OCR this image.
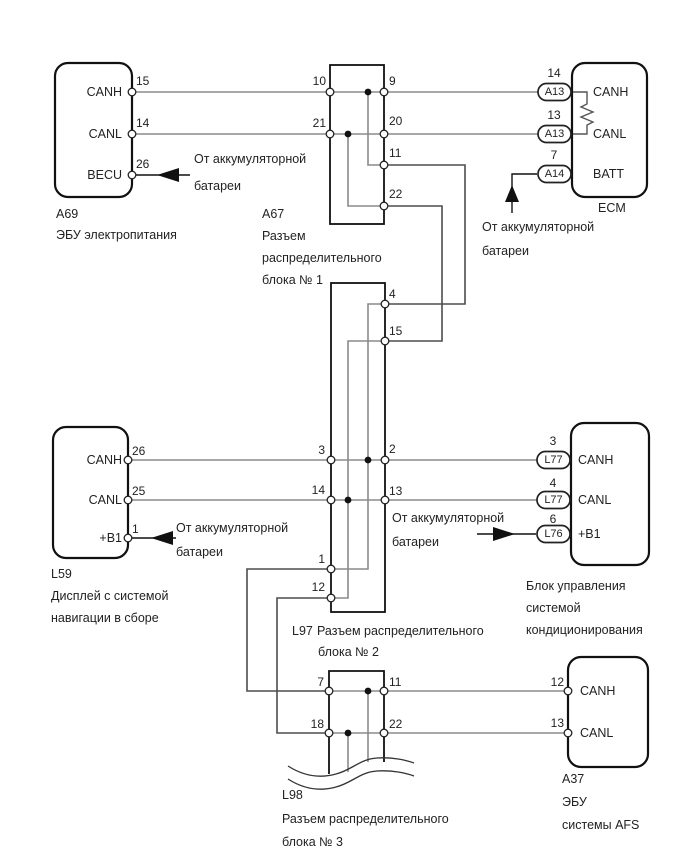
CANH
CANL
BECU
15
14
26
A69
ЭБУ электропитания
От аккумуляторной
батареи
10
21
9
20
11
22
A67
Разъем
распределительного
блока № 1
14
13
7
A13
A13
A14
CANH
CANL
BATT
ECM
От аккумуляторной
батареи
CANH
CANL
+B1
26
25
1
L59
Дисплей с системой
навигации в сборе
От аккумуляторной
батареи
4
15
3
14
1
12
2
13
L97 Разъем распределительного
блока № 2
3
4
6
L77
L77
L76
CANH
CANL
+B1
Блок управления
системой
кондиционирования
От аккумуляторной
батареи
7
18
11
22
L98
Разъем распределительного
блока № 3
12
13
CANH
CANL
A37
ЭБУ
системы AFS
